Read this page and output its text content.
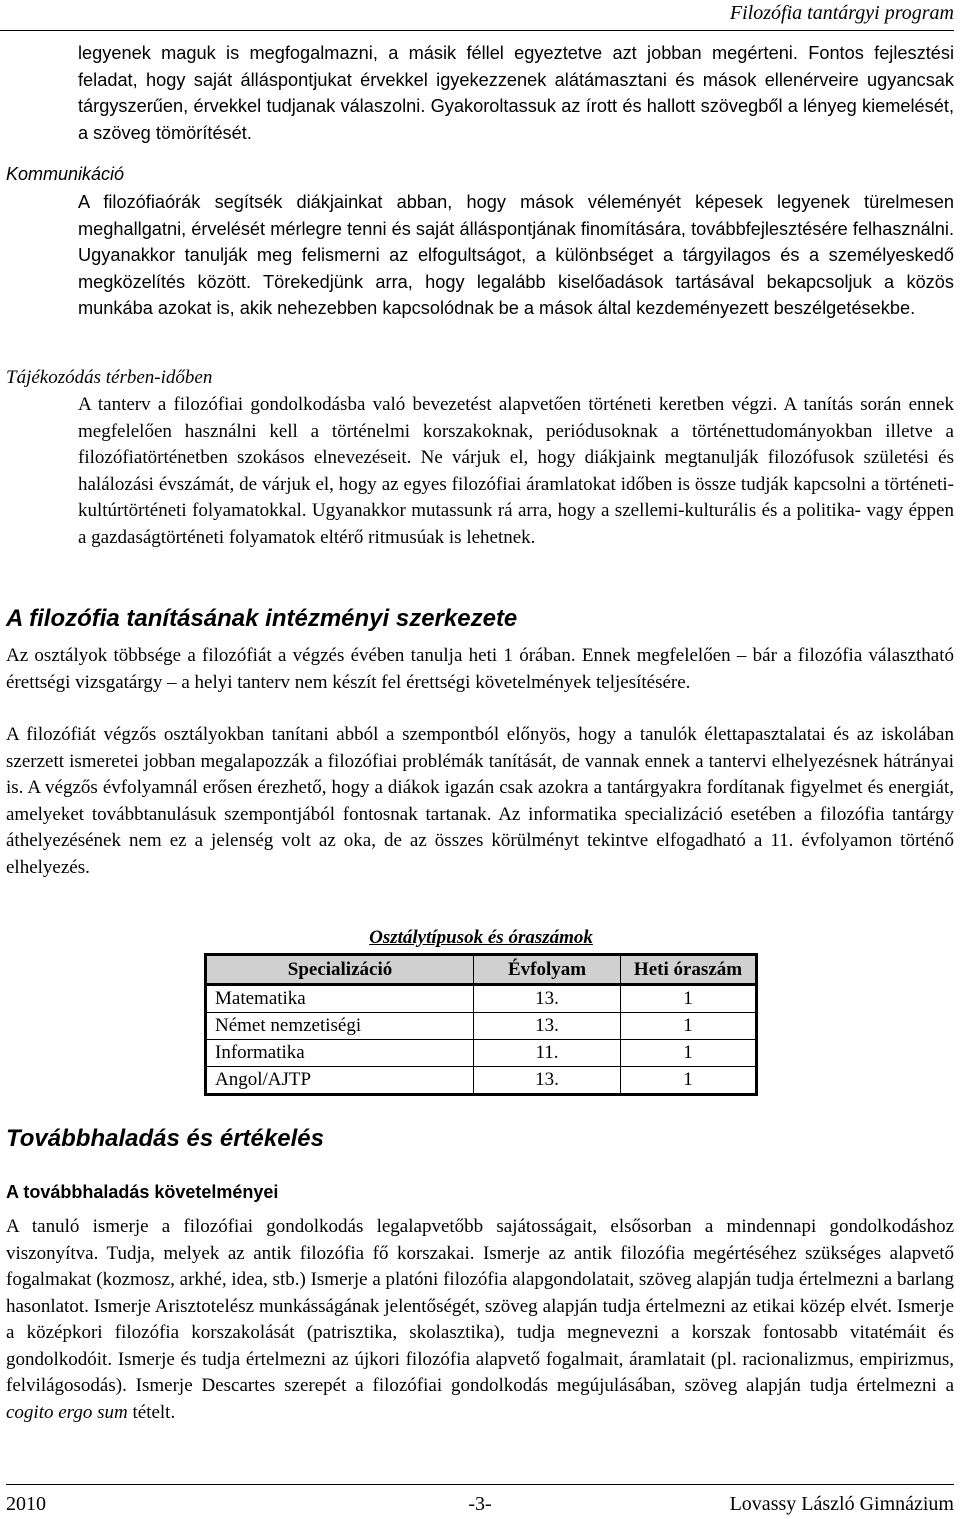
Filozófia tantárgyi program

legyenek maguk is megfogalmazni, a másik féllel egyeztetve azt jobban megérteni. Fontos fejlesztési feladat, hogy saját álláspontjukat érvekkel igyekezzenek alátámasztani és mások ellenérveire ugyancsak tárgyszerűen, érvekkel tudjanak válaszolni. Gyakoroltassuk az írott és hallott szövegből a lényeg kiemelését, a szöveg tömörítését.

Kommunikáció

A filozófiaórák segítsék diákjainkat abban, hogy mások véleményét képesek legyenek türelmesen meghallgatni, érvelését mérlegre tenni és saját álláspontjának finomítására, továbbfejlesztésére felhasználni. Ugyanakkor tanulják meg felismerni az elfogultságot, a különbséget a tárgyilagos és a személyeskedő megközelítés között. Törekedjünk arra, hogy legalább kiselőadások tartásával bekapcsoljuk a közös munkába azokat is, akik nehezebben kapcsolódnak be a mások által kezdeményezett beszélgetésekbe.

Tájékozódás térben-időben

A tanterv a filozófiai gondolkodásba való bevezetést alapvetően történeti keretben végzi. A tanítás során ennek megfelelően használni kell a történelmi korszakoknak, periódusoknak a történettudományokban illetve a filozófiatörténetben szokásos elnevezéseit. Ne várjuk el, hogy diákjaink megtanulják filozófusok születési és halálozási évszámát, de várjuk el, hogy az egyes filozófiai áramlatokat időben is össze tudják kapcsolni a történeti-kultúrtörténeti folyamatokkal. Ugyanakkor mutassunk rá arra, hogy a szellemi-kulturális és a politika- vagy éppen a gazdaságtörténeti folyamatok eltérő ritmusúak is lehetnek.

A filozófia tanításának intézményi szerkezete

Az osztályok többsége a filozófiát a végzés évében tanulja heti 1 órában. Ennek megfelelően – bár a filozófia választható érettségi vizsgatárgy – a helyi tanterv nem készít fel érettségi követelmények teljesítésére.

A filozófiát végzős osztályokban tanítani abból a szempontból előnyös, hogy a tanulók élettapasztalatai és az iskolában szerzett ismeretei jobban megalapozzák a filozófiai problémák tanítását, de vannak ennek a tantervi elhelyezésnek hátrányai is. A végzős évfolyamnál erősen érezhető, hogy a diákok igazán csak azokra a tantárgyakra fordítanak figyelmet és energiát, amelyeket továbbtanulásuk szempontjából fontosnak tartanak. Az informatika specializáció esetében a filozófia tantárgy áthelyezésének nem ez a jelenség volt az oka, de az összes körülményt tekintve elfogadható a 11. évfolyamon történő elhelyezés.

Osztálytípusok és óraszámok
Specializáció	Évfolyam	Heti óraszám
Matematika	13.	1
Német nemzetiségi	13.	1
Informatika	11.	1
Angol/AJTP	13.	1
Továbbhaladás és értékelés
A továbbhaladás követelményei

A tanuló ismerje a filozófiai gondolkodás legalapvetőbb sajátosságait, elsősorban a mindennapi gondolkodáshoz viszonyítva. Tudja, melyek az antik filozófia fő korszakai. Ismerje az antik filozófia megértéséhez szükséges alapvető fogalmakat (kozmosz, arkhé, idea, stb.) Ismerje a platóni filozófia alapgondolatait, szöveg alapján tudja értelmezni a barlang hasonlatot. Ismerje Arisztotelész munkásságának jelentőségét, szöveg alapján tudja értelmezni az etikai közép elvét. Ismerje a középkori filozófia korszakolását (patrisztika, skolasztika), tudja megnevezni a korszak fontosabb vitatémáit és gondolkodóit. Ismerje és tudja értelmezni az újkori filozófia alapvető fogalmait, áramlatait (pl. racionalizmus, empirizmus, felvilágosodás). Ismerje Descartes szerepét a filozófiai gondolkodás megújulásában, szöveg alapján tudja értelmezni a cogito ergo sum tételt.

2010	-3-	Lovassy László Gimnázium
